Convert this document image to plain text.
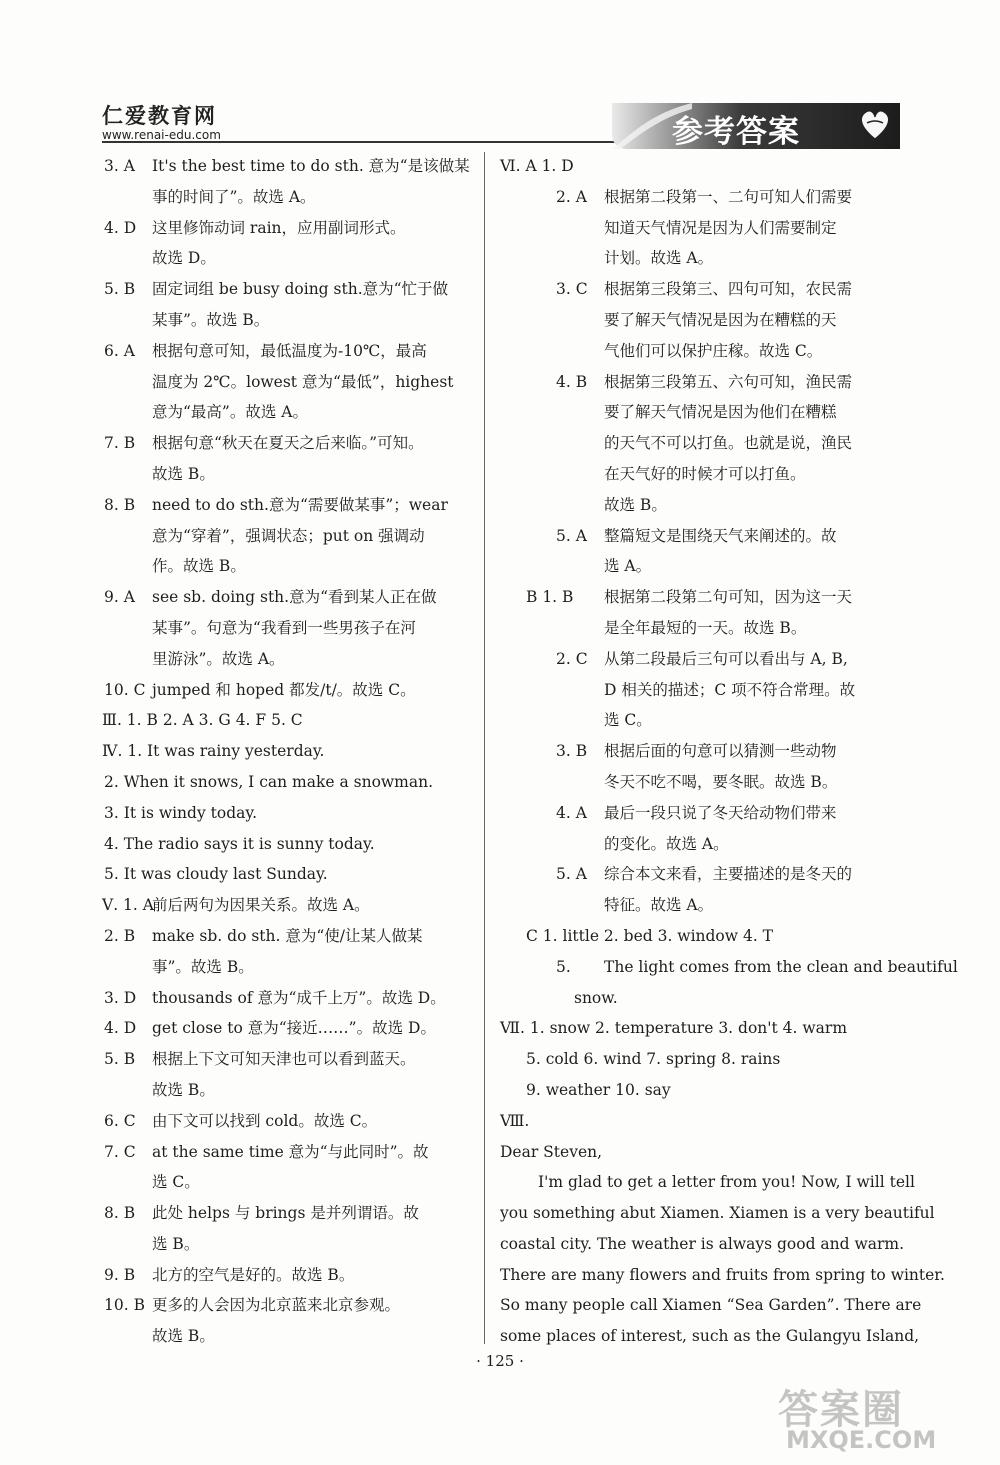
仁爱教育网
www.renai-edu.com	参考答案
3. A It's the best time to do sth. 意为“是该做某
事的时间了”。故选 A。
4. D 这里修饰动词 rain，应用副词形式。
故选 D。
5. B 固定词组 be busy doing sth.意为“忙于做
某事”。故选 B。
6. A 根据句意可知，最低温度为-10℃，最高
温度为 2℃。lowest 意为“最低”，highest
意为“最高”。故选 A。
7. B 根据句意“秋天在夏天之后来临。”可知。
故选 B。
8. B need to do sth.意为“需要做某事”；wear
意为“穿着”，强调状态；put on 强调动
作。故选 B。
9. A see sb. doing sth.意为“看到某人正在做
某事”。句意为“我看到一些男孩子在河
里游泳”。故选 A。
10. C jumped 和 hoped 都发/t/。故选 C。
Ⅲ. 1. B 2. A 3. G 4. F 5. C
Ⅳ. 1. It was rainy yesterday.
2. When it snows, I can make a snowman.
3. It is windy today.
4. The radio says it is sunny today.
5. It was cloudy last Sunday.
Ⅴ. 1. A
前后两句为因果关系。故选 A。
2. B make sb. do sth. 意为“使/让某人做某
事”。故选 B。
3. D thousands of 意为“成千上万”。故选 D。
4. D get close to 意为“接近……”。故选 D。
5. B 根据上下文可知天津也可以看到蓝天。
故选 B。
6. C 由下文可以找到 cold。故选 C。
7. C at the same time 意为“与此同时”。故
选 C。
8. B 此处 helps 与 brings 是并列谓语。故
选 B。
9. B 北方的空气是好的。故选 B。
10. B 更多的人会因为北京蓝来北京参观。
故选 B。
Ⅵ. A 1. D
2. A 根据第二段第一、二句可知人们需要
知道天气情况是因为人们需要制定
计划。故选 A。
3. C 根据第三段第三、四句可知，农民需
要了解天气情况是因为在糟糕的天
气他们可以保护庄稼。故选 C。
4. B 根据第三段第五、六句可知，渔民需
要了解天气情况是因为他们在糟糕
的天气不可以打鱼。也就是说，渔民
在天气好的时候才可以打鱼。
故选 B。
5. A 整篇短文是围绕天气来阐述的。故
选 A。
B 1. B 根据第二段第二句可知，因为这一天
是全年最短的一天。故选 B。
2. C 从第二段最后三句可以看出与 A, B,
D 相关的描述；C 项不符合常理。故
选 C。
3. B 根据后面的句意可以猜测一些动物
冬天不吃不喝，要冬眠。故选 B。
4. A 最后一段只说了冬天给动物们带来
的变化。故选 A。
5. A 综合本文来看，主要描述的是冬天的
特征。故选 A。
C 1. little 2. bed 3. window 4. T
5. The light comes from the clean and beautiful
snow.
Ⅶ. 1. snow 2. temperature 3. don't 4. warm
5. cold 6. wind 7. spring 8. rains
9. weather 10. say
Ⅷ.
Dear Steven,
I'm glad to get a letter from you! Now, I will tell
you something abut Xiamen. Xiamen is a very beautiful
coastal city. The weather is always good and warm.
There are many flowers and fruits from spring to winter.
So many people call Xiamen “Sea Garden”. There are
some places of interest, such as the Gulangyu Island,
· 125 ·
答案圈
MXQE.COM
